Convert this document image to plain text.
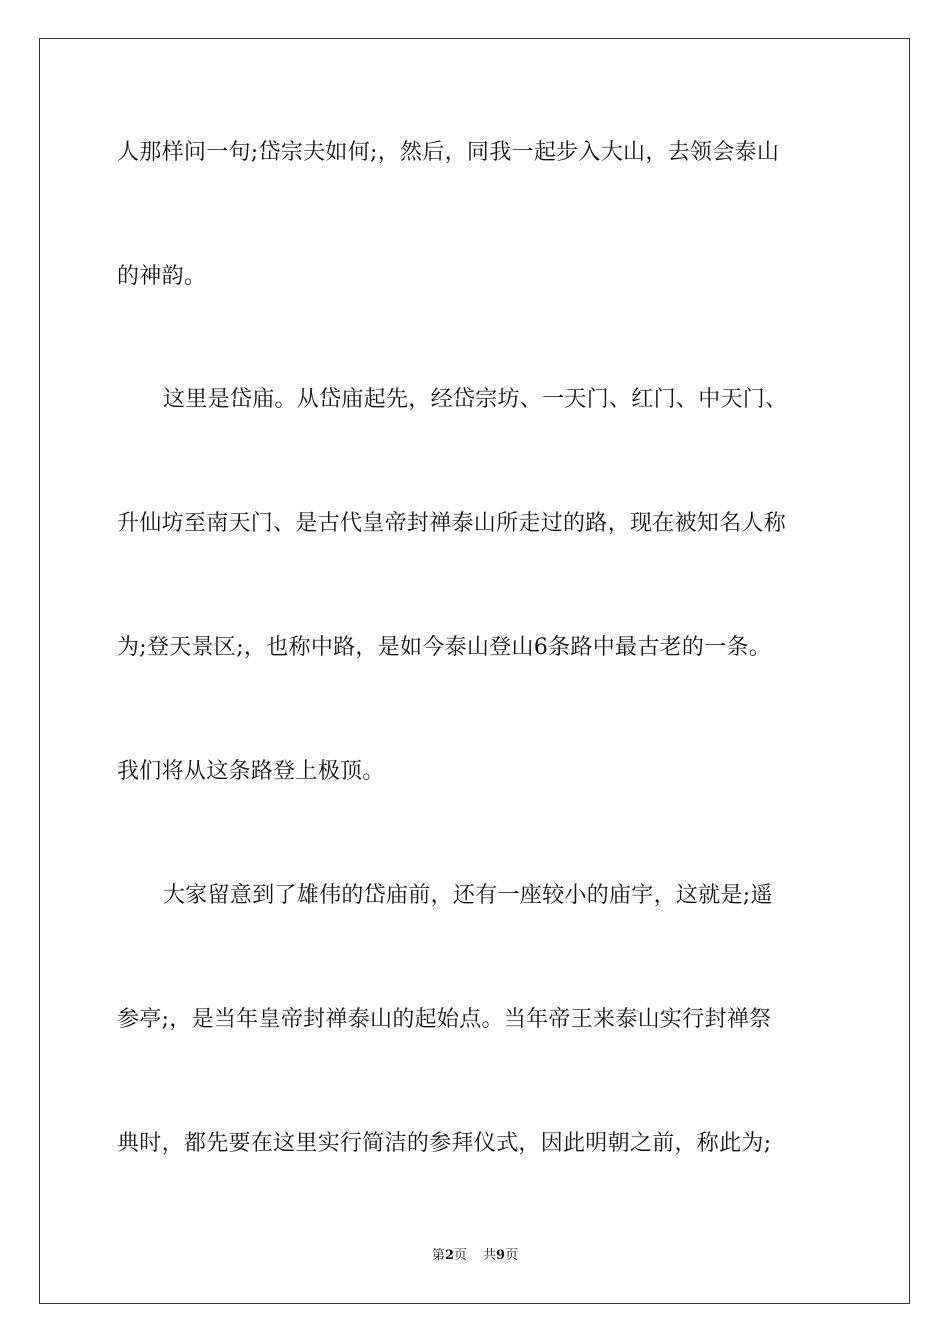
人那样问一句;岱宗夫如何;，然后，同我一起步入大山，去领会泰山
的神韵。
这里是岱庙。从岱庙起先，经岱宗坊、一天门、红门、中天门、
升仙坊至南天门、是古代皇帝封禅泰山所走过的路，现在被知名人称
为;登天景区;，也称中路，是如今泰山登山6条路中最古老的一条。
我们将从这条路登上极顶。
大家留意到了雄伟的岱庙前，还有一座较小的庙宇，这就是;遥
参亭;，是当年皇帝封禅泰山的起始点。当年帝王来泰山实行封禅祭
典时，都先要在这里实行简洁的参拜仪式，因此明朝之前，称此为;
第2页 共9页
